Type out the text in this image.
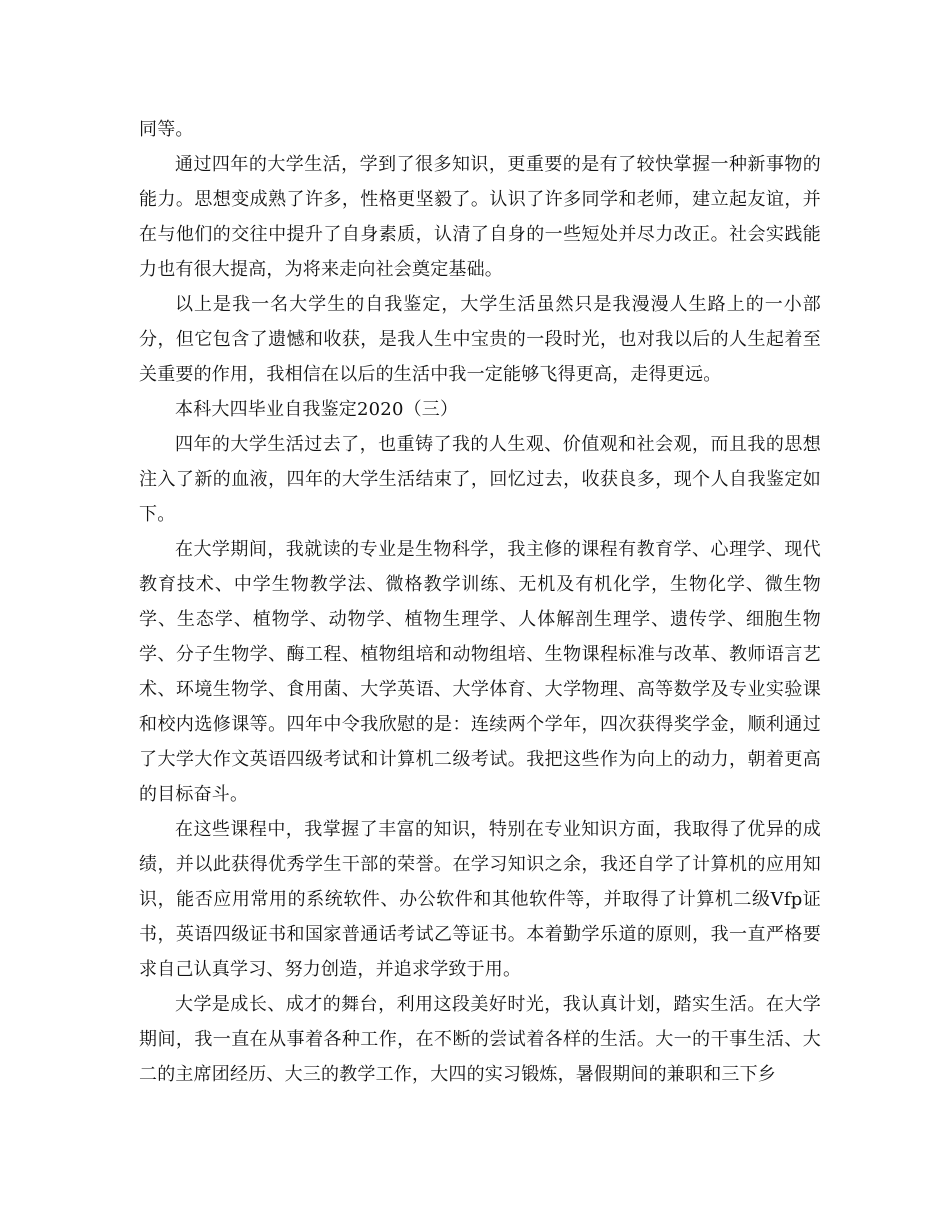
同等。

通过四年的大学生活，学到了很多知识，更重要的是有了较快掌握一种新事物的能力。思想变成熟了许多，性格更坚毅了。认识了许多同学和老师，建立起友谊，并在与他们的交往中提升了自身素质，认清了自身的一些短处并尽力改正。社会实践能力也有很大提高，为将来走向社会奠定基础。

以上是我一名大学生的自我鉴定，大学生活虽然只是我漫漫人生路上的一小部分，但它包含了遗憾和收获，是我人生中宝贵的一段时光，也对我以后的人生起着至关重要的作用，我相信在以后的生活中我一定能够飞得更高，走得更远。

本科大四毕业自我鉴定2020（三）

四年的大学生活过去了，也重铸了我的人生观、价值观和社会观，而且我的思想注入了新的血液，四年的大学生活结束了，回忆过去，收获良多，现个人自我鉴定如下。

在大学期间，我就读的专业是生物科学，我主修的课程有教育学、心理学、现代教育技术、中学生物教学法、微格教学训练、无机及有机化学，生物化学、微生物学、生态学、植物学、动物学、植物生理学、人体解剖生理学、遗传学、细胞生物学、分子生物学、酶工程、植物组培和动物组培、生物课程标准与改革、教师语言艺术、环境生物学、食用菌、大学英语、大学体育、大学物理、高等数学及专业实验课和校内选修课等。四年中令我欣慰的是：连续两个学年，四次获得奖学金，顺利通过了大学大作文英语四级考试和计算机二级考试。我把这些作为向上的动力，朝着更高的目标奋斗。

在这些课程中，我掌握了丰富的知识，特别在专业知识方面，我取得了优异的成绩，并以此获得优秀学生干部的荣誉。在学习知识之余，我还自学了计算机的应用知识，能否应用常用的系统软件、办公软件和其他软件等，并取得了计算机二级Vfp证书，英语四级证书和国家普通话考试乙等证书。本着勤学乐道的原则，我一直严格要求自己认真学习、努力创造，并追求学致于用。

大学是成长、成才的舞台，利用这段美好时光，我认真计划，踏实生活。在大学期间，我一直在从事着各种工作，在不断的尝试着各样的生活。大一的干事生活、大二的主席团经历、大三的教学工作，大四的实习锻炼，暑假期间的兼职和三下乡
